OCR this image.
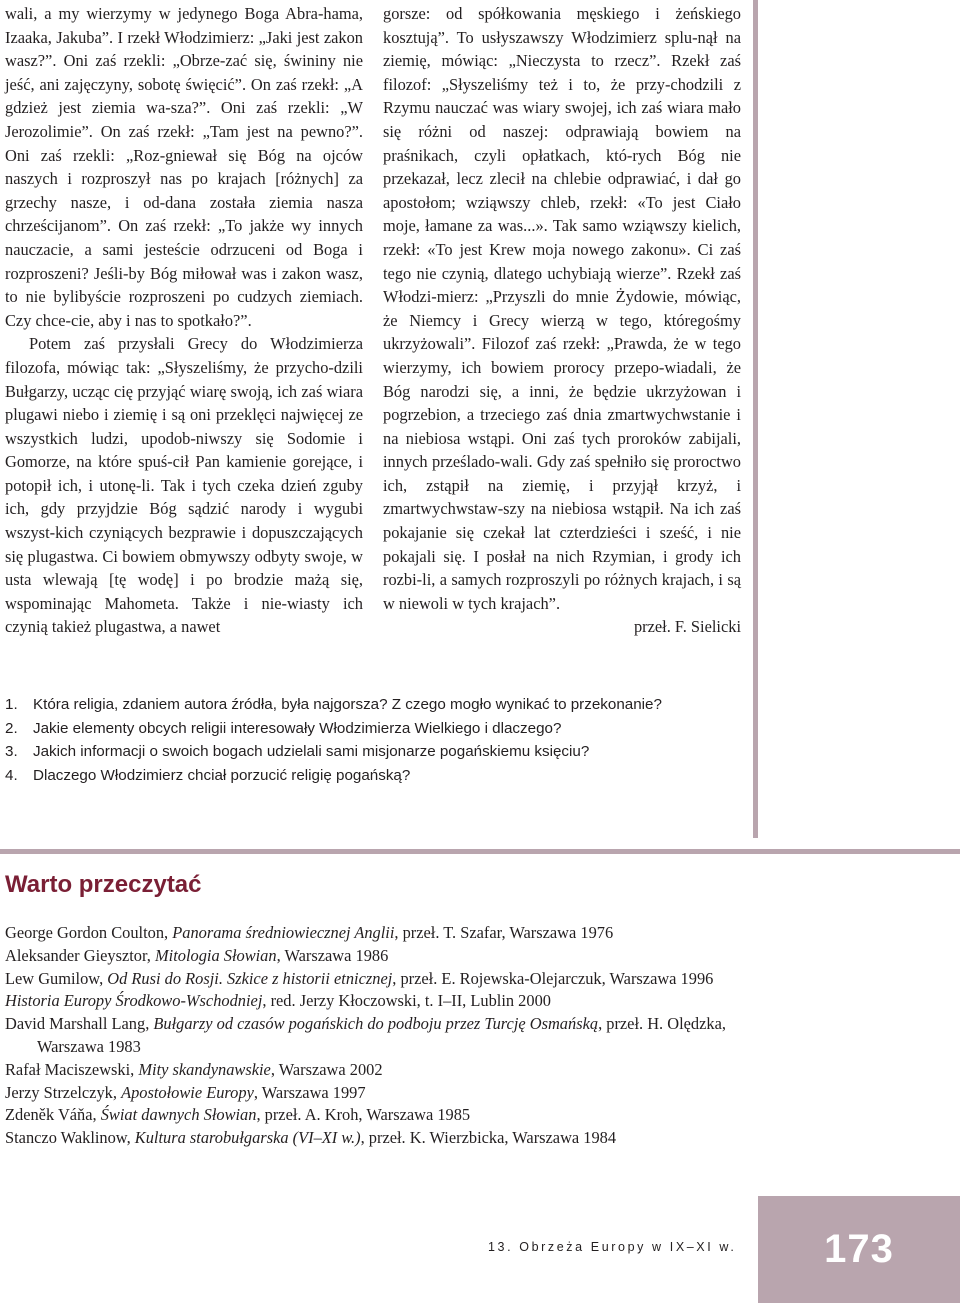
wali, a my wierzymy w jedynego Boga Abra-hama, Izaaka, Jakuba”. I rzekł Włodzimierz: „Jaki jest zakon wasz?”. Oni zaś rzekli: „Obrze-zać się, świniny nie jeść, ani zajęczyny, sobotę święcić”. On zaś rzekł: „A gdzież jest ziemia wa-sza?”. Oni zaś rzekli: „W Jerozolimie”. On zaś rzekł: „Tam jest na pewno?”. Oni zaś rzekli: „Roz-gniewał się Bóg na ojców naszych i rozproszył nas po krajach [różnych] za grzechy nasze, i od-dana została ziemia nasza chrześcijanom”. On zaś rzekł: „To jakże wy innych nauczacie, a sami jesteście odrzuceni od Boga i rozproszeni? Jeśli-by Bóg miłował was i zakon wasz, to nie bylibyście rozproszeni po cudzych ziemiach. Czy chce-cie, aby i nas to spotkało?”.

Potem zaś przysłali Grecy do Włodzimierza filozofa, mówiąc tak: „Słyszeliśmy, że przycho-dzili Bułgarzy, ucząc cię przyjąć wiarę swoją, ich zaś wiara plugawi niebo i ziemię i są oni przeklęci najwięcej ze wszystkich ludzi, upodob-niwszy się Sodomie i Gomorze, na które spuś-cił Pan kamienie gorejące, i potopił ich, i utonę-li. Tak i tych czeka dzień zguby ich, gdy przyjdzie Bóg sądzić narody i wygubi wszyst-kich czyniących bezprawie i dopuszczających się plugastwa. Ci bowiem obmywszy odbyty swoje, w usta wlewają [tę wodę] i po brodzie mażą się, wspominając Mahometa. Także i nie-wiasty ich czynią takież plugastwa, a nawet

gorsze: od spółkowania męskiego i żeńskiego kosztują”. To usłyszawszy Włodzimierz splu-nął na ziemię, mówiąc: „Nieczysta to rzecz”. Rzekł zaś filozof: „Słyszeliśmy też i to, że przy-chodzili z Rzymu nauczać was wiary swojej, ich zaś wiara mało się różni od naszej: odprawiają bowiem na praśnikach, czyli opłatkach, któ-rych Bóg nie przekazał, lecz zlecił na chlebie odprawiać, i dał go apostołom; wziąwszy chleb, rzekł: «To jest Ciało moje, łamane za was...». Tak samo wziąwszy kielich, rzekł: «To jest Krew moja nowego zakonu». Ci zaś tego nie czynią, dlatego uchybiają wierze”. Rzekł zaś Włodzi-mierz: „Przyszli do mnie Żydowie, mówiąc, że Niemcy i Grecy wierzą w tego, któregośmy ukrzyżowali”. Filozof zaś rzekł: „Prawda, że w tego wierzymy, ich bowiem prorocy przepo-wiadali, że Bóg narodzi się, a inni, że będzie ukrzyżowan i pogrzebion, a trzeciego zaś dnia zmartwychwstanie i na niebiosa wstąpi. Oni zaś tych proroków zabijali, innych prześlado-wali. Gdy zaś spełniło się proroctwo ich, zstąpił na ziemię, i przyjął krzyż, i zmartwychwstaw-szy na niebiosa wstąpił. Na ich zaś pokajanie się czekał lat czterdzieści i sześć, i nie pokajali się. I posłał na nich Rzymian, i grody ich rozbi-li, a samych rozproszyli po różnych krajach, i są w niewoli w tych krajach”.

przeł. F. Sielicki

1.	Która religia, zdaniem autora źródła, była najgorsza? Z czego mogło wynikać to przekonanie?
2.	Jakie elementy obcych religii interesowały Włodzimierza Wielkiego i dlaczego?
3.	Jakich informacji o swoich bogach udzielali sami misjonarze pogańskiemu księciu?
4.	Dlaczego Włodzimierz chciał porzucić religię pogańską?
Warto przeczytać
George Gordon Coulton, Panorama średniowiecznej Anglii, przeł. T. Szafar, Warszawa 1976
Aleksander Gieysztor, Mitologia Słowian, Warszawa 1986
Lew Gumilow, Od Rusi do Rosji. Szkice z historii etnicznej, przeł. E. Rojewska-Olejarczuk, Warszawa 1996
Historia Europy Środkowo-Wschodniej, red. Jerzy Kłoczowski, t. I–II, Lublin 2000
David Marshall Lang, Bułgarzy od czasów pogańskich do podboju przez Turcję Osmańską, przeł. H. Olędzka, Warszawa 1983
Rafał Maciszewski, Mity skandynawskie, Warszawa 2002
Jerzy Strzelczyk, Apostołowie Europy, Warszawa 1997
Zdeněk Váňa, Świat dawnych Słowian, przeł. A. Kroh, Warszawa 1985
Stanczo Waklinow, Kultura starobułgarska (VI–XI w.), przeł. K. Wierzbicka, Warszawa 1984
13. Obrzeża Europy w IX–XI w.	173
